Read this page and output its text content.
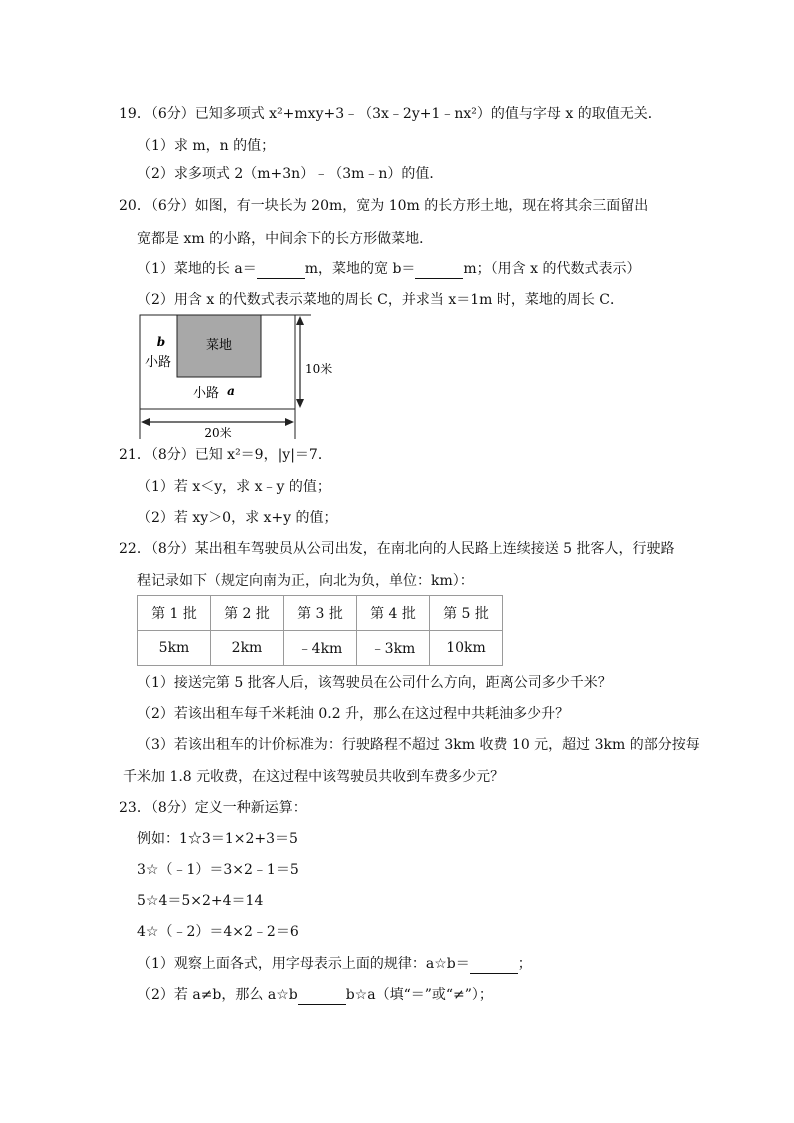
19．（6分）已知多项式 x²+mxy+3﹣（3x﹣2y+1﹣nx²）的值与字母 x 的取值无关．
（1）求 m，n 的值；
（2）求多项式 2（m+3n）﹣（3m﹣n）的值．
20．（6分）如图，有一块长为 20m，宽为 10m 的长方形土地，现在将其余三面留出
宽都是 xm 的小路，中间余下的长方形做菜地．
（1）菜地的长 a＝	m，菜地的宽 b＝	m；（用含 x 的代数式表示）
（2）用含 x 的代数式表示菜地的周长 C，并求当 x＝1m 时，菜地的周长 C．
菜地
b
小路
小路 a
10米
20米
21．（8分）已知 x²＝9，|y|＝7．
（1）若 x＜y，求 x﹣y 的值；
（2）若 xy＞0，求 x+y 的值；
22．（8分）某出租车驾驶员从公司出发，在南北向的人民路上连续接送 5 批客人，行驶路
程记录如下（规定向南为正，向北为负，单位：km）：
第 1 批	第 2 批	第 3 批	第 4 批	第 5 批
5km	2km	﹣4km	﹣3km	10km
（1）接送完第 5 批客人后，该驾驶员在公司什么方向，距离公司多少千米？
（2）若该出租车每千米耗油 0.2 升，那么在这过程中共耗油多少升？
（3）若该出租车的计价标准为：行驶路程不超过 3km 收费 10 元，超过 3km 的部分按每
千米加 1.8 元收费，在这过程中该驾驶员共收到车费多少元？
23．（8分）定义一种新运算：
例如：1☆3＝1×2+3＝5
3☆（﹣1）＝3×2﹣1＝5
5☆4＝5×2+4＝14
4☆（﹣2）＝4×2﹣2＝6
（1）观察上面各式，用字母表示上面的规律：a☆b＝	；
（2）若 a≠b，那么 a☆b	b☆a（填“＝”或“≠”）；
